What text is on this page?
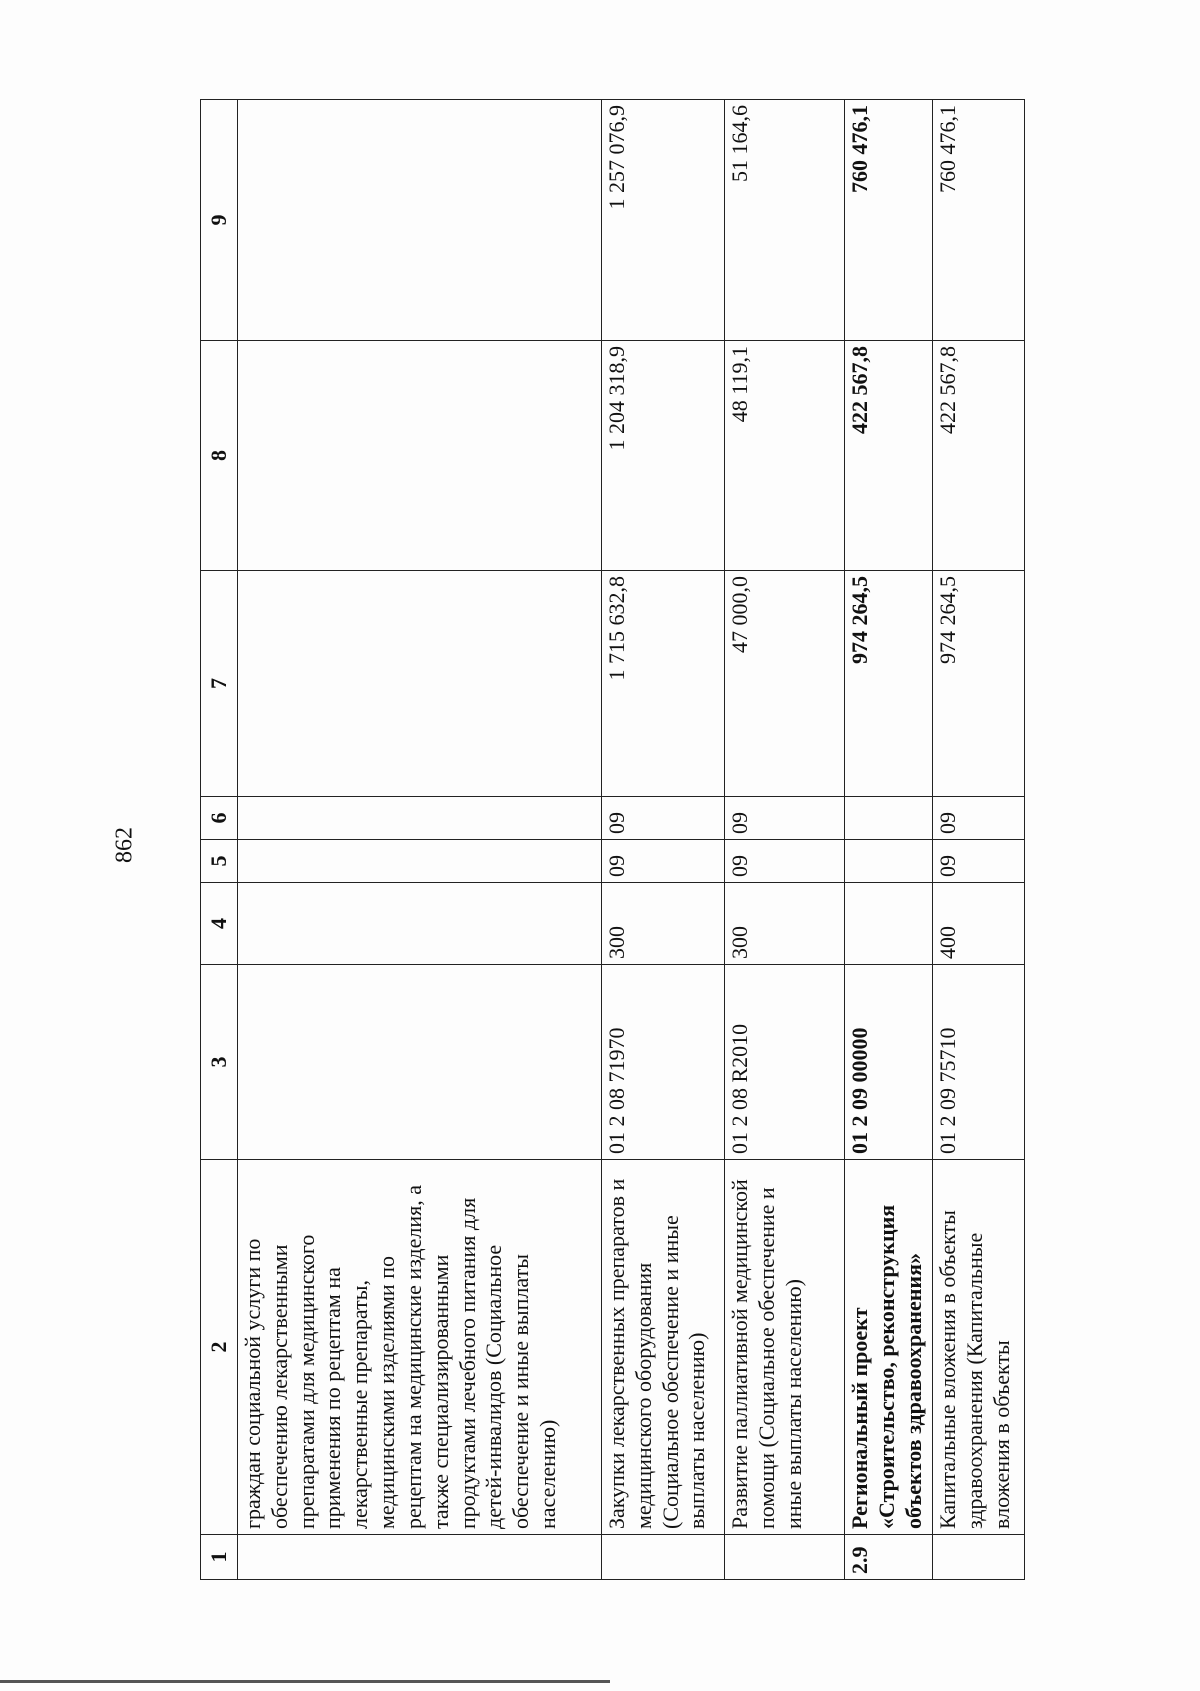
862
1	2	3	4	5	6	7	8	9
	граждан социальной услуги по обеспечению лекарственными препаратами для медицинского применения по рецептам на лекарственные препараты, медицинскими изделиями по рецептам на медицинские изделия, а также специализированными продуктами лечебного питания для детей-инвалидов (Социальное обеспечение и иные выплаты населению)							
	Закупки лекарственных препаратов и медицинского оборудования (Социальное обеспечение и иные выплаты населению)	01 2 08 71970	300	09	09	1 715 632,8	1 204 318,9	1 257 076,9
	Развитие паллиативной медицинской помощи (Социальное обеспечение и иные выплаты населению)	01 2 08 R2010	300	09	09	47 000,0	48 119,1	51 164,6
2.9	Региональный проект «Строительство, реконструкция объектов здравоохранения»	01 2 09 00000				974 264,5	422 567,8	760 476,1
	Капитальные вложения в объекты здравоохранения (Капитальные вложения в объекты	01 2 09 75710	400	09	09	974 264,5	422 567,8	760 476,1
